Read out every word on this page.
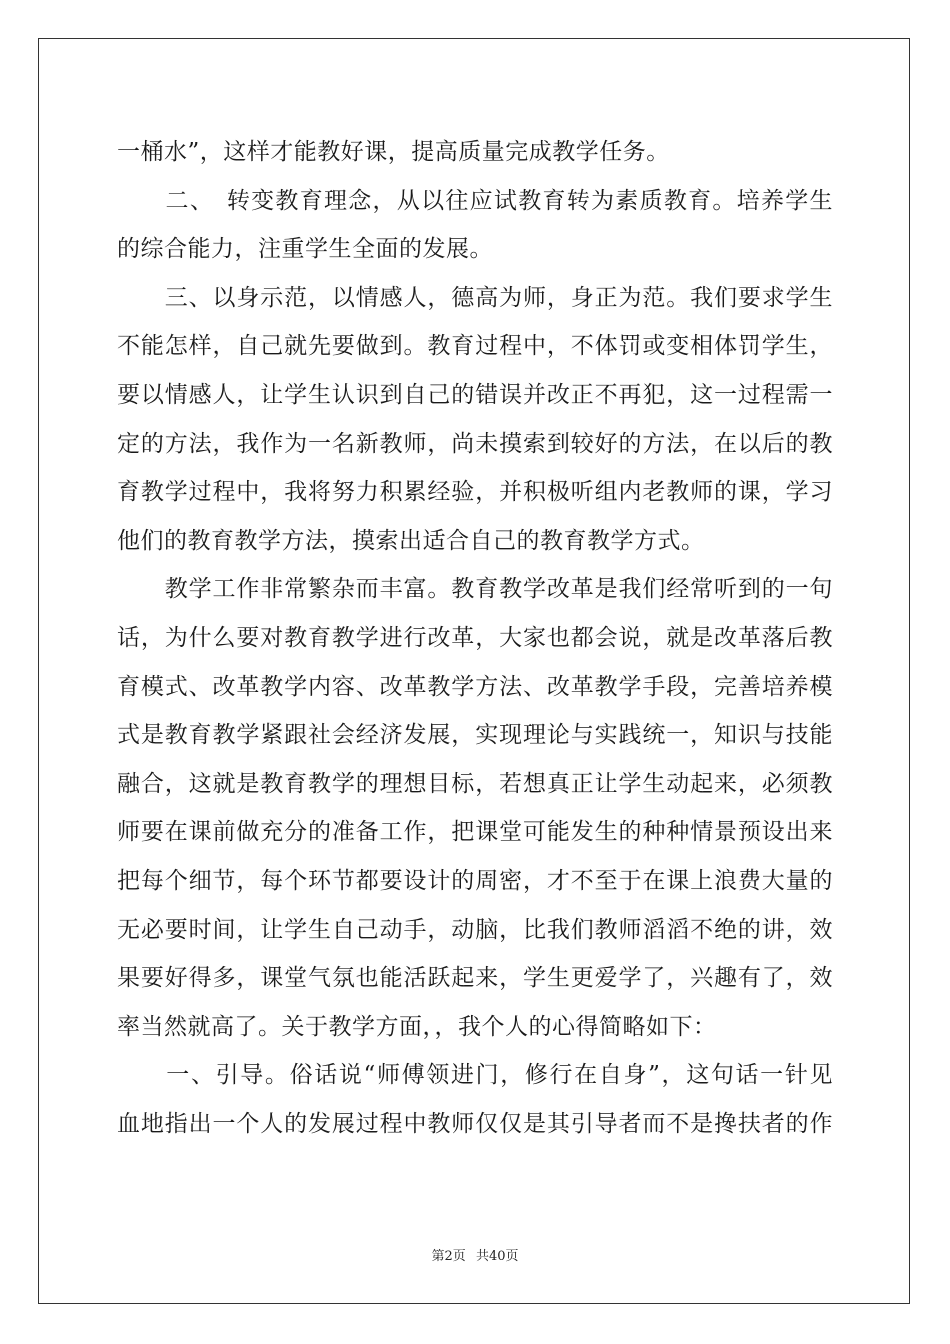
一桶水”，这样才能教好课，提高质量完成教学任务。
　　二、　转变教育理念，从以往应试教育转为素质教育。培养学生
的综合能力，注重学生全面的发展。
　　三、以身示范，以情感人，德高为师，身正为范。我们要求学生
不能怎样，自己就先要做到。教育过程中，不体罚或变相体罚学生，
要以情感人，让学生认识到自己的错误并改正不再犯，这一过程需一
定的方法，我作为一名新教师，尚未摸索到较好的方法，在以后的教
育教学过程中，我将努力积累经验，并积极听组内老教师的课，学习
他们的教育教学方法，摸索出适合自己的教育教学方式。
　　教学工作非常繁杂而丰富。教育教学改革是我们经常听到的一句
话，为什么要对教育教学进行改革，大家也都会说，就是改革落后教
育模式、改革教学内容、改革教学方法、改革教学手段，完善培养模
式是教育教学紧跟社会经济发展，实现理论与实践统一，知识与技能
融合，这就是教育教学的理想目标，若想真正让学生动起来，必须教
师要在课前做充分的准备工作，把课堂可能发生的种种情景预设出来
把每个细节，每个环节都要设计的周密，才不至于在课上浪费大量的
无必要时间，让学生自己动手，动脑，比我们教师滔滔不绝的讲，效
果要好得多，课堂气氛也能活跃起来，学生更爱学了，兴趣有了，效
率当然就高了。关于教学方面，，我个人的心得简略如下：
　　一、引导。俗话说“师傅领进门，修行在自身”，这句话一针见
血地指出一个人的发展过程中教师仅仅是其引导者而不是搀扶者的作
第2页 共40页
